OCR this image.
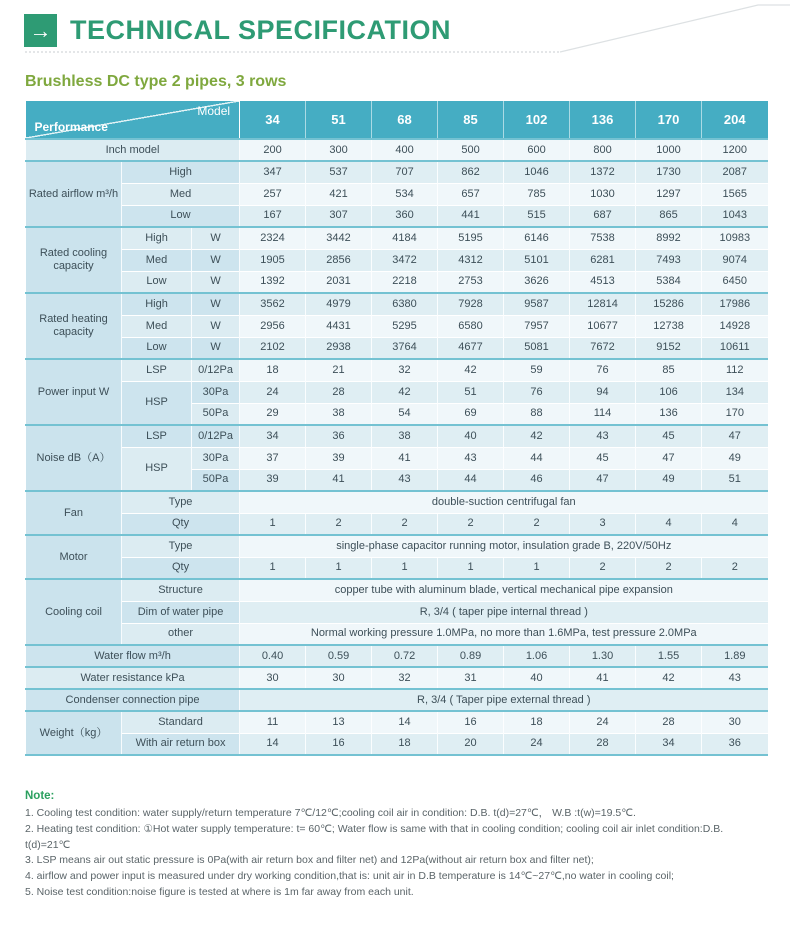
→ TECHNICAL SPECIFICATION
Brushless DC type 2 pipes, 3 rows
Model
Performance			34	51	68	85	102	136	170	204
Inch model			200	300	400	500	600	800	1000	1200
Rated airflow m³/h	High		347	537	707	862	1046	1372	1730	2087
	Med		257	421	534	657	785	1030	1297	1565
	Low		167	307	360	441	515	687	865	1043
Rated cooling capacity	High	W	2324	3442	4184	5195	6146	7538	8992	10983
	Med	W	1905	2856	3472	4312	5101	6281	7493	9074
	Low	W	1392	2031	2218	2753	3626	4513	5384	6450
Rated heating capacity	High	W	3562	4979	6380	7928	9587	12814	15286	17986
	Med	W	2956	4431	5295	6580	7957	10677	12738	14928
	Low	W	2102	2938	3764	4677	5081	7672	9152	10611
Power input W	LSP	0/12Pa	18	21	32	42	59	76	85	112
	HSP	30Pa	24	28	42	51	76	94	106	134
		50Pa	29	38	54	69	88	114	136	170
Noise dB（A）	LSP	0/12Pa	34	36	38	40	42	43	45	47
	HSP	30Pa	37	39	41	43	44	45	47	49
		50Pa	39	41	43	44	46	47	49	51
Fan	Type		double-suction centrifugal fan							
	Qty		1	2	2	2	2	3	4	4
Motor	Type		single-phase capacitor running motor, insulation grade B, 220V/50Hz							
	Qty		1	1	1	1	1	2	2	2
Cooling coil	Structure		copper tube with aluminum blade, vertical mechanical pipe expansion							
	Dim of water pipe		R, 3/4 ( taper pipe internal thread )							
	other		Normal working pressure 1.0MPa, no more than 1.6MPa, test pressure 2.0MPa							
Water flow m³/h			0.40	0.59	0.72	0.89	1.06	1.30	1.55	1.89
Water resistance kPa			30	30	32	31	40	41	42	43
Condenser connection pipe			R, 3/4 ( Taper pipe external thread )							
Weight（kg）	Standard		11	13	14	16	18	24	28	30
	With air return box		14	16	18	20	24	28	34	36
Note:
1. Cooling test condition: water supply/return temperature 7℃/12℃;cooling coil air in condition: D.B. t(d)=27℃， W.B :t(w)=19.5℃.
2. Heating test condition: ①Hot water supply temperature: t= 60℃; Water flow is same with that in cooling condition; cooling coil air inlet condition:D.B. t(d)=21℃
3. LSP means air out static pressure is 0Pa(with air return box and filter net) and 12Pa(without air return box and filter net);
4. airflow and power input is measured under dry working condition,that is: unit air in D.B temperature is 14℃~27℃,no water in cooling coil;
5. Noise test condition:noise figure is tested at where is 1m far away from each unit.
